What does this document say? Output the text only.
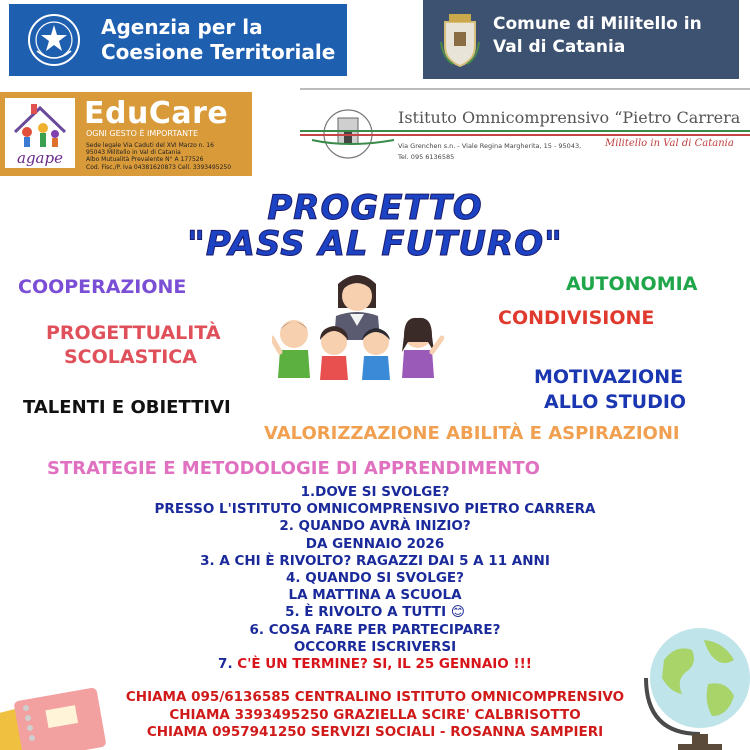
Agenzia per la
Coesione Territoriale
Comune di Militello in
Val di Catania
agape
EduCare
OGNI GESTO È IMPORTANTE
Sede legale Via Caduti del XVI Marzo n. 16
95043 Militello in Val di Catania
Albo Mutualità Prevalente N° A 177526
Cod. Fisc./P. Iva 04381620873 Cell. 3393495250
Istituto Omnicomprensivo “Pietro Carrera
Via Grenchen s.n. - Viale Regina Margherita, 15 - 95043,
Tel. 095 6136585
Militello in Val di Catania
PROGETTO
"PASS AL FUTURO"
COOPERAZIONE	AUTONOMIA
PROGETTUALITÀ
SCOLASTICA
CONDIVISIONE
MOTIVAZIONE
ALLO STUDIO
TALENTI E OBIETTIVI
VALORIZZAZIONE ABILITÀ E ASPIRAZIONI
STRATEGIE E METODOLOGIE DI APPRENDIMENTO
1.DOVE SI SVOLGE?
PRESSO L'ISTITUTO OMNICOMPRENSIVO PIETRO CARRERA
2. QUANDO AVRÀ INIZIO?
DA GENNAIO 2026
3. A CHI È RIVOLTO? RAGAZZI DAI 5 A 11 ANNI
4. QUANDO SI SVOLGE?
LA MATTINA A SCUOLA
5. È RIVOLTO A TUTTI 😊
6. COSA FARE PER PARTECIPARE?
OCCORRE ISCRIVERSI
7. C'È UN TERMINE? SI, IL 25 GENNAIO !!!
CHIAMA 095/6136585 CENTRALINO ISTITUTO OMNICOMPRENSIVO
CHIAMA 3393495250 GRAZIELLA SCIRE' CALBRISOTTO
CHIAMA 0957941250 SERVIZI SOCIALI - ROSANNA SAMPIERI
